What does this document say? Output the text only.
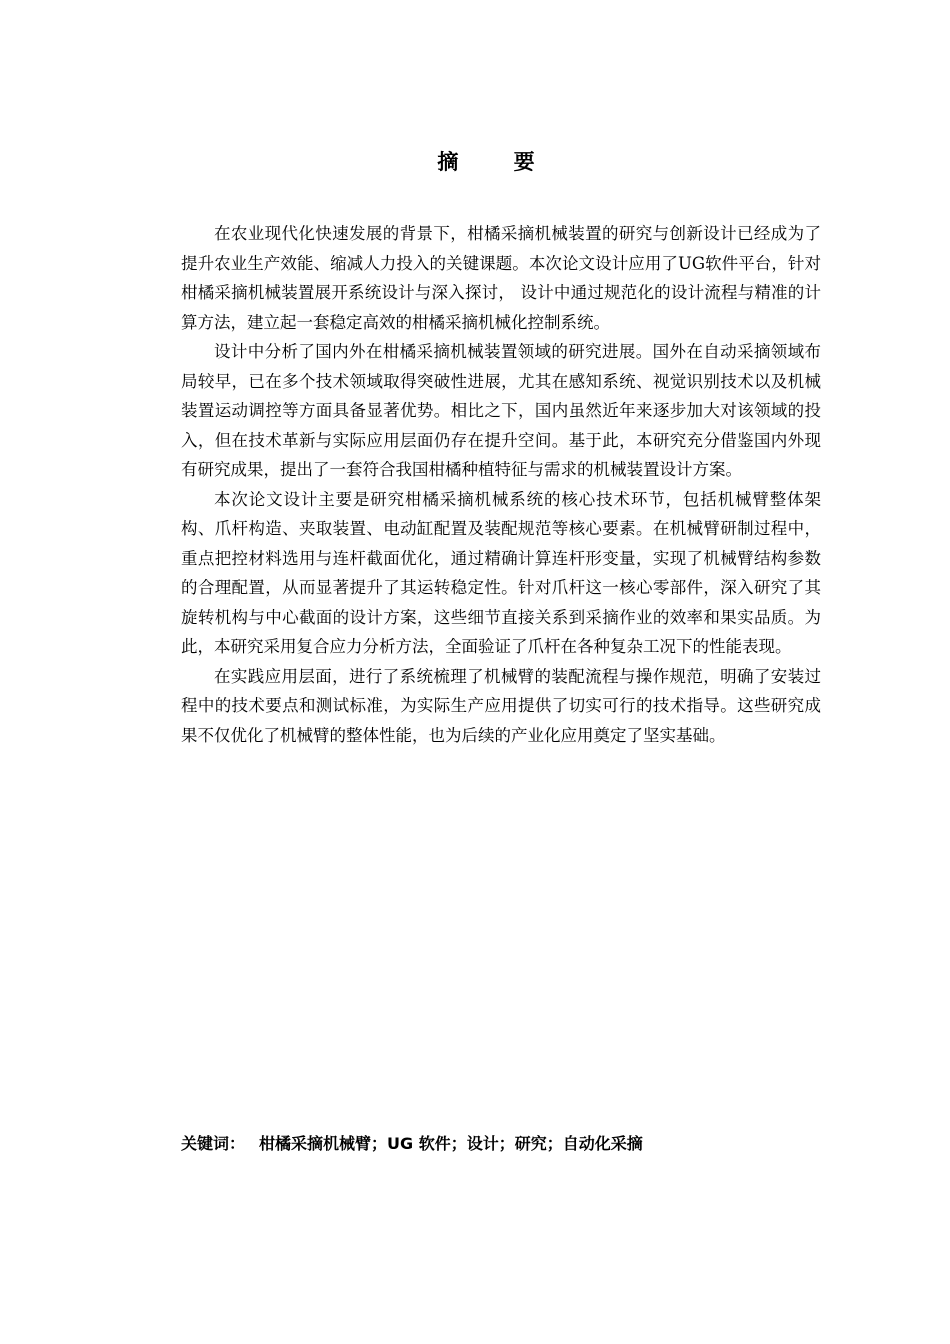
摘 要

在农业现代化快速发展的背景下，柑橘采摘机械装置的研究与创新设计已经成为了提升农业生产效能、缩减人力投入的关键课题。本次论文设计应用了UG软件平台，针对柑橘采摘机械装置展开系统设计与深入探讨， 设计中通过规范化的设计流程与精准的计算方法，建立起一套稳定高效的柑橘采摘机械化控制系统。

设计中分析了国内外在柑橘采摘机械装置领域的研究进展。国外在自动采摘领域布局较早，已在多个技术领域取得突破性进展，尤其在感知系统、视觉识别技术以及机械装置运动调控等方面具备显著优势。相比之下，国内虽然近年来逐步加大对该领域的投入，但在技术革新与实际应用层面仍存在提升空间。基于此，本研究充分借鉴国内外现有研究成果，提出了一套符合我国柑橘种植特征与需求的机械装置设计方案。

本次论文设计主要是研究柑橘采摘机械系统的核心技术环节，包括机械臂整体架构、爪杆构造、夹取装置、电动缸配置及装配规范等核心要素。在机械臂研制过程中，重点把控材料选用与连杆截面优化，通过精确计算连杆形变量，实现了机械臂结构参数的合理配置，从而显著提升了其运转稳定性。针对爪杆这一核心零部件，深入研究了其旋转机构与中心截面的设计方案，这些细节直接关系到采摘作业的效率和果实品质。为此，本研究采用复合应力分析方法，全面验证了爪杆在各种复杂工况下的性能表现。

在实践应用层面，进行了系统梳理了机械臂的装配流程与操作规范，明确了安装过程中的技术要点和测试标准，为实际生产应用提供了切实可行的技术指导。这些研究成果不仅优化了机械臂的整体性能，也为后续的产业化应用奠定了坚实基础。

关键词： 柑橘采摘机械臂；UG 软件；设计；研究；自动化采摘
